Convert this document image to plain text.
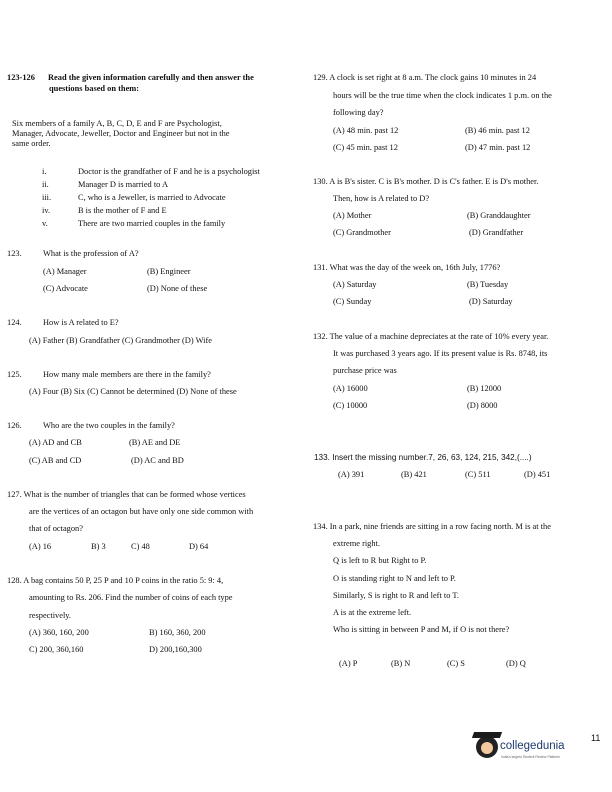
123-126 Read the given information carefully and then answer the
questions based on them:
Six members of a family A, B, C, D, E and F are Psychologist,
Manager, Advocate, Jeweller, Doctor and Engineer but not in the
same order.
i.	Doctor is the grandfather of F and he is a psychologist
ii.	Manager D is married to A
iii.	C, who is a Jeweller, is married to Advocate
iv.	B is the mother of F and E
v.	There are two married couples in the family
123.	What is the profession of A?
(A) Manager	(B) Engineer
(C) Advocate	(D) None of these
124.	How is A related to E?
(A) Father (B) Grandfather (C) Grandmother (D) Wife
125.	How many male members are there in the family?
(A) Four (B) Six (C) Cannot be determined (D) None of these
126.	Who are the two couples in the family?
(A) AD and CB	(B) AE and DE
(C) AB and CD	(D) AC and BD
127. What is the number of triangles that can be formed whose vertices
are the vertices of an octagon but have only one side common with
that of octagon?
(A) 16	B) 3	C) 48	D) 64
128. A bag contains 50 P, 25 P and 10 P coins in the ratio 5: 9: 4,
amounting to Rs. 206. Find the number of coins of each type
respectively.
(A) 360, 160, 200	B) 160, 360, 200
C) 200, 360,160	D) 200,160,300
129. A clock is set right at 8 a.m. The clock gains 10 minutes in 24
hours will be the true time when the clock indicates 1 p.m. on the
following day?
(A) 48 min. past 12	(B) 46 min. past 12
(C) 45 min. past 12	(D) 47 min. past 12
130. A is B's sister. C is B's mother. D is C's father. E is D's mother.
Then, how is A related to D?
(A) Mother	(B) Granddaughter
(C) Grandmother	(D) Grandfather
131. What was the day of the week on, 16th July, 1776?
(A) Saturday	(B) Tuesday
(C) Sunday	(D) Saturday
132. The value of a machine depreciates at the rate of 10% every year.
It was purchased 3 years ago. If its present value is Rs. 8748, its
purchase price was
(A) 16000	(B) 12000
(C) 10000	(D) 8000
133. Insert the missing number.7, 26, 63, 124, 215, 342,(....)
(A) 391	(B) 421	(C) 511	(D) 451
134. In a park, nine friends are sitting in a row facing north. M is at the
extreme right.
Q is left to R but Right to P.
O is standing right to N and left to P.
Similarly, S is right to R and left to T.
A is at the extreme left.
Who is sitting in between P and M, if O is not there?
(A) P	(B) N	(C) S	(D) Q
11
collegedunia
India's largest Student Review Platform
